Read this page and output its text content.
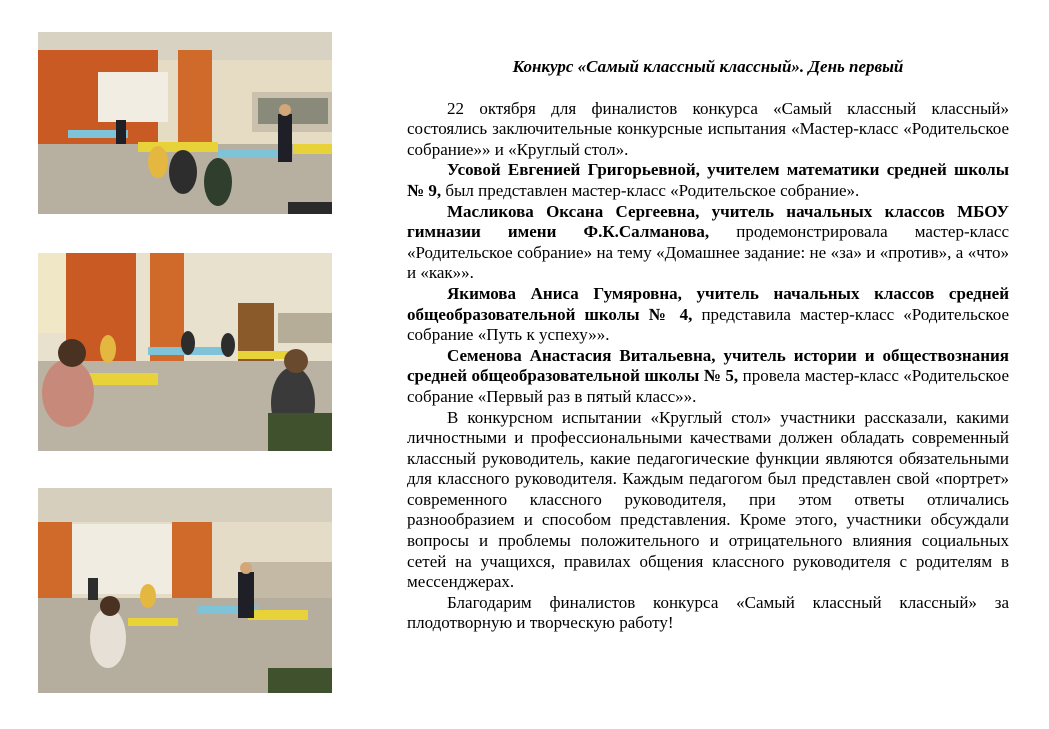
Конкурс «Самый классный классный». День первый

22 октября для финалистов конкурса «Самый классный классный» состоялись заключительные конкурсные испытания «Мастер-класс «Родительское собрание»» и «Круглый стол».

Усовой Евгенией Григорьевной, учителем математики средней школы № 9, был представлен мастер-класс «Родительское собрание».

Масликова Оксана Сергеевна, учитель начальных классов МБОУ гимназии имени Ф.К.Салманова, продемонстрировала мастер-класс «Родительское собрание» на тему «Домашнее задание: не «за» и «против», а «что» и «как»».

Якимова Аниса Гумяровна, учитель начальных классов средней общеобразовательной школы № 4, представила мастер-класс «Родительское собрание «Путь к успеху»».

Семенова Анастасия Витальевна, учитель истории и обществознания средней общеобразовательной школы № 5, провела мастер-класс «Родительское собрание «Первый раз в пятый класс»».

В конкурсном испытании «Круглый стол» участники рассказали, какими личностными и профессиональными качествами должен обладать современный классный руководитель, какие педагогические функции являются обязательными для классного руководителя. Каждым педагогом был представлен свой «портрет» современного классного руководителя, при этом ответы отличались разнообразием и способом представления. Кроме этого, участники обсуждали вопросы и проблемы положительного и отрицательного влияния социальных сетей на учащихся, правилах общения классного руководителя с родителям в мессенджерах.

Благодарим финалистов конкурса «Самый классный классный» за плодотворную и творческую работу!
